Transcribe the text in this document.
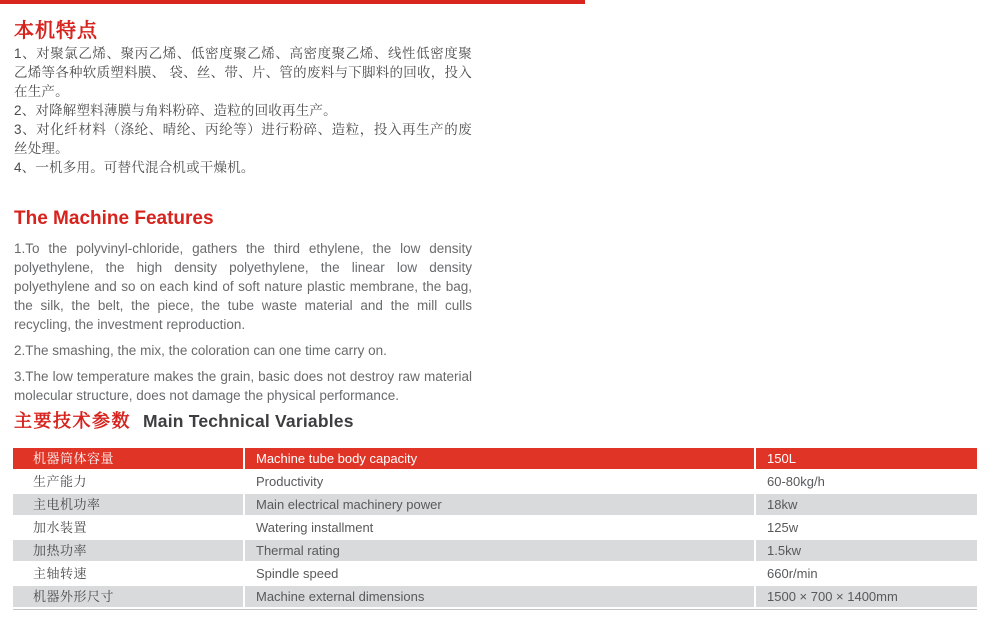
本机特点

1、对聚氯乙烯、聚丙乙烯、低密度聚乙烯、高密度聚乙烯、线性低密度聚乙烯等各种软质塑料膜、 袋、丝、带、片、管的废料与下脚料的回收，投入在生产。

2、对降解塑料薄膜与角料粉碎、造粒的回收再生产。

3、对化纤材料（涤纶、晴纶、丙纶等）进行粉碎、造粒，投入再生产的废丝处理。

4、一机多用。可替代混合机或干燥机。

The Machine Features

1.To the polyvinyl-chloride, gathers the third ethylene, the low density polyethylene, the high density polyethylene, the linear low density polyethylene and so on each kind of soft nature plastic membrane, the bag, the silk, the belt, the piece, the tube waste material and the mill culls recycling, the investment reproduction.

2.The smashing, the mix, the coloration can one time carry on.

3.The low temperature makes the grain, basic does not destroy raw material molecular structure, does not damage the physical performance.

主要技术参数 Main Technical Variables
机器筒体容量	Machine tube body capacity	150L
生产能力	Productivity	60-80kg/h
主电机功率	Main electrical machinery power	18kw
加水装置	Watering installment	125w
加热功率	Thermal rating	1.5kw
主轴转速	Spindle speed	660r/min
机器外形尺寸	Machine external dimensions	1500 × 700 × 1400mm
